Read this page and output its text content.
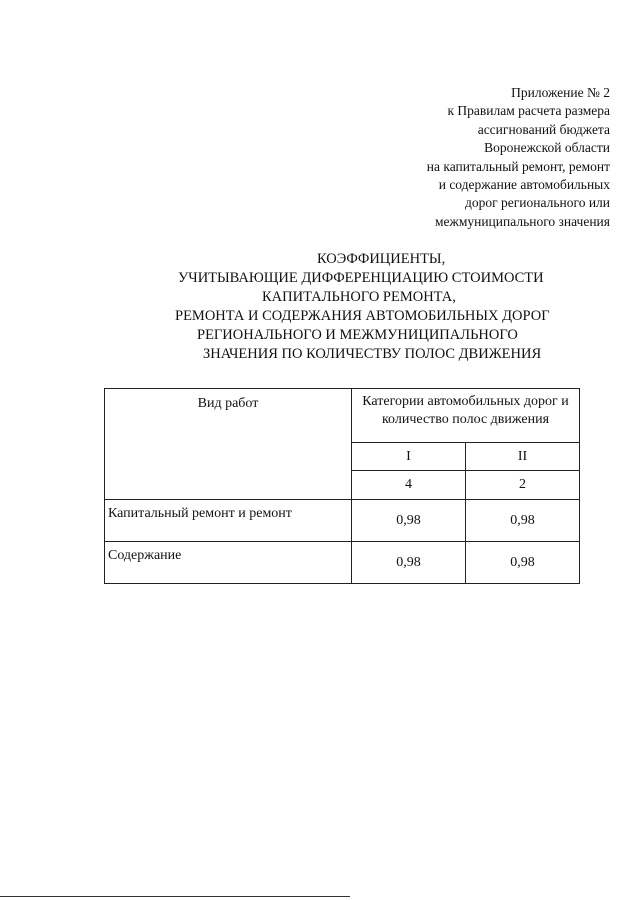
Приложение № 2
к Правилам расчета размера
ассигнований бюджета
Воронежской области
на капитальный ремонт, ремонт
и содержание автомобильных
дорог регионального или
межмуниципального значения
КОЭФФИЦИЕНТЫ,
УЧИТЫВАЮЩИЕ ДИФФЕРЕНЦИАЦИЮ СТОИМОСТИ
КАПИТАЛЬНОГО РЕМОНТА,
РЕМОНТА И СОДЕРЖАНИЯ АВТОМОБИЛЬНЫХ ДОРОГ
РЕГИОНАЛЬНОГО И МЕЖМУНИЦИПАЛЬНОГО
ЗНАЧЕНИЯ ПО КОЛИЧЕСТВУ ПОЛОС ДВИЖЕНИЯ
Вид работ	Категории автомобильных дорог и количество полос движения	
	I	II
	4	2
Капитальный ремонт и ремонт	0,98	0,98
Содержание	0,98	0,98
